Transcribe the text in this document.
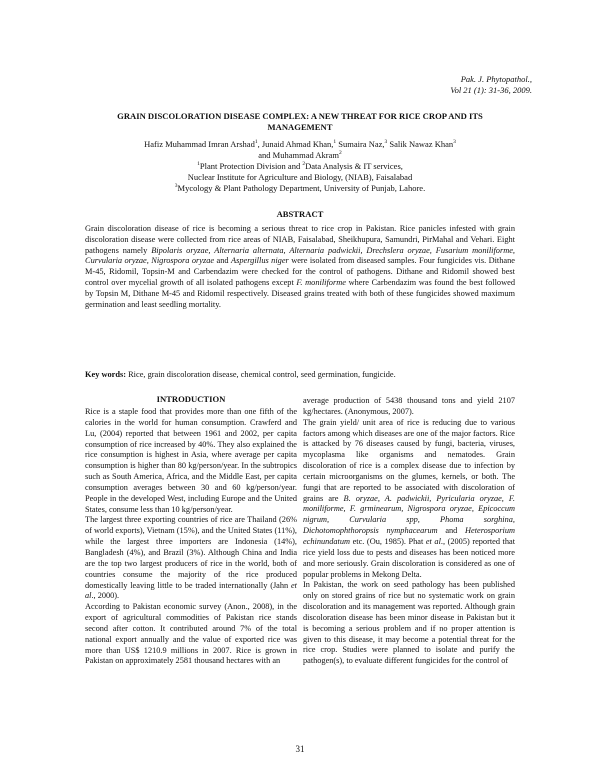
Pak. J. Phytopathol.,
Vol 21 (1): 31-36, 2009.
GRAIN DISCOLORATION DISEASE COMPLEX: A NEW THREAT FOR RICE CROP AND ITS MANAGEMENT
Hafiz Muhammad Imran Arshad$^1$, Junaid Ahmad Khan,$^1$ Sumaira Naz,$^3$ Salik Nawaz Khan$^3$
and Muhammad Akram$^2$
$^1$Plant Protection Division and $^2$Data Analysis & IT services,
Nuclear Institute for Agriculture and Biology, (NIAB), Faisalabad
$^3$Mycology & Plant Pathology Department, University of Punjab, Lahore.
ABSTRACT
Grain discoloration disease of rice is becoming a serious threat to rice crop in Pakistan. Rice panicles infested with grain discoloration disease were collected from rice areas of NIAB, Faisalabad, Sheikhupura, Samundri, PirMahal and Vehari. Eight pathogens namely Bipolaris oryzae, Alternaria alternata, Alternaria padwickii, Drechslera oryzae, Fusarium moniliforme, Curvularia oryzae, Nigrospora oryzae and Aspergillus niger were isolated from diseased samples. Four fungicides vis. Dithane M-45, Ridomil, Topsin-M and Carbendazim were checked for the control of pathogens. Dithane and Ridomil showed best control over mycelial growth of all isolated pathogens except F. moniliforme where Carbendazim was found the best followed by Topsin M, Dithane M-45 and Ridomil respectively. Diseased grains treated with both of these fungicides showed maximum germination and least seedling mortality.
Key words: Rice, grain discoloration disease, chemical control, seed germination, fungicide.
INTRODUCTION

Rice is a staple food that provides more than one fifth of the calories in the world for human consumption. Crawferd and Lu, (2004) reported that between 1961 and 2002, per capita consumption of rice increased by 40%. They also explained the rice consumption is highest in Asia, where average per capita consumption is higher than 80 kg/person/year. In the subtropics such as South America, Africa, and the Middle East, per capita consumption averages between 30 and 60 kg/person/year. People in the developed West, including Europe and the United States, consume less than 10 kg/person/year.

The largest three exporting countries of rice are Thailand (26% of world exports), Vietnam (15%), and the United States (11%), while the largest three importers are Indonesia (14%), Bangladesh (4%), and Brazil (3%). Although China and India are the top two largest producers of rice in the world, both of countries consume the majority of the rice produced domestically leaving little to be traded internationally (Jahn et al., 2000).

According to Pakistan economic survey (Anon., 2008), in the export of agricultural commodities of Pakistan rice stands second after cotton. It contributed around 7% of the total national export annually and the value of exported rice was more than US$ 1210.9 millions in 2007. Rice is grown in Pakistan on approximately 2581 thousand hectares with an

average production of 5438 thousand tons and yield 2107 kg/hectares. (Anonymous, 2007).

The grain yield/ unit area of rice is reducing due to various factors among which diseases are one of the major factors. Rice is attacked by 76 diseases caused by fungi, bacteria, viruses, mycoplasma like organisms and nematodes. Grain discoloration of rice is a complex disease due to infection by certain microorganisms on the glumes, kernels, or both. The fungi that are reported to be associated with discoloration of grains are B. oryzae, A. padwickii, Pyricularia oryzae, F. moniliforme, F. grminearum, Nigrospora oryzae, Epicoccum nigrum, Curvularia spp, Phoma sorghina, Dichotomophthoropsis nymphacearum and Heterosporium echinundatum etc. (Ou, 1985). Phat et al., (2005) reported that rice yield loss due to pests and diseases has been noticed more and more seriously. Grain discoloration is considered as one of popular problems in Mekong Delta.

In Pakistan, the work on seed pathology has been published only on stored grains of rice but no systematic work on grain discoloration and its management was reported. Although grain discoloration disease has been minor disease in Pakistan but it is becoming a serious problem and if no proper attention is given to this disease, it may become a potential threat for the rice crop. Studies were planned to isolate and purify the pathogen(s), to evaluate different fungicides for the control of

31
